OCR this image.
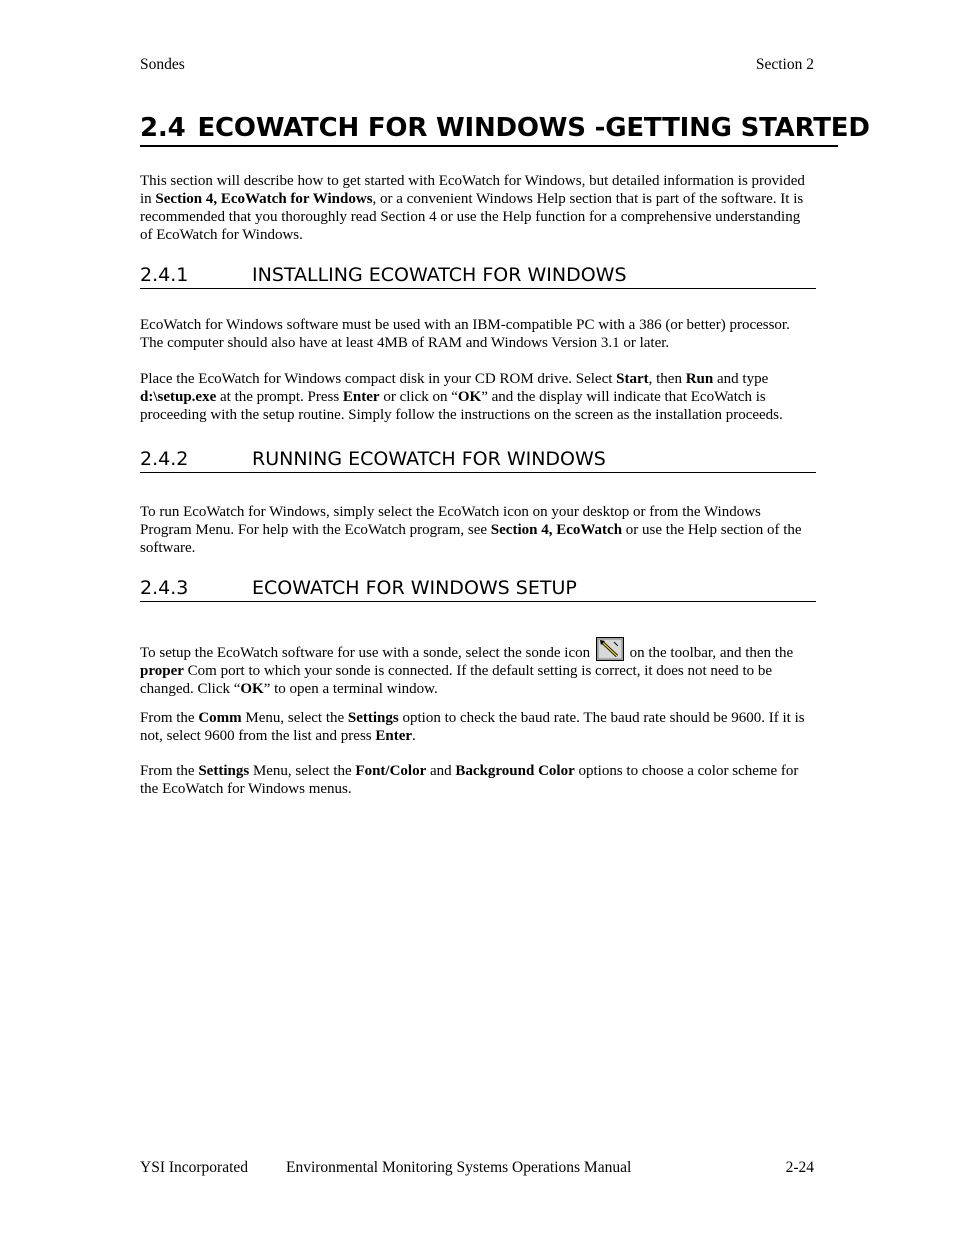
Sondes	Section 2
2.4 ECOWATCH FOR WINDOWS -GETTING STARTED
This section will describe how to get started with EcoWatch for Windows, but detailed information is provided in Section 4, EcoWatch for Windows, or a convenient Windows Help section that is part of the software. It is recommended that you thoroughly read Section 4 or use the Help function for a comprehensive understanding of EcoWatch for Windows.
2.4.1	INSTALLING ECOWATCH FOR WINDOWS
EcoWatch for Windows software must be used with an IBM-compatible PC with a 386 (or better) processor. The computer should also have at least 4MB of RAM and Windows Version 3.1 or later.
Place the EcoWatch for Windows compact disk in your CD ROM drive. Select Start, then Run and type d:\setup.exe at the prompt. Press Enter or click on “OK” and the display will indicate that EcoWatch is proceeding with the setup routine. Simply follow the instructions on the screen as the installation proceeds.
2.4.2	RUNNING ECOWATCH FOR WINDOWS
To run EcoWatch for Windows, simply select the EcoWatch icon on your desktop or from the Windows Program Menu. For help with the EcoWatch program, see Section 4, EcoWatch or use the Help section of the software.
2.4.3	ECOWATCH FOR WINDOWS SETUP
To setup the EcoWatch software for use with a sonde, select the sonde icon  on the toolbar, and then the proper Com port to which your sonde is connected. If the default setting is correct, it does not need to be changed. Click “OK” to open a terminal window.
From the Comm Menu, select the Settings option to check the baud rate. The baud rate should be 9600. If it is not, select 9600 from the list and press Enter.
From the Settings Menu, select the Font/Color and Background Color options to choose a color scheme for the EcoWatch for Windows menus.
YSI Incorporated Environmental Monitoring Systems Operations Manual	2-24
